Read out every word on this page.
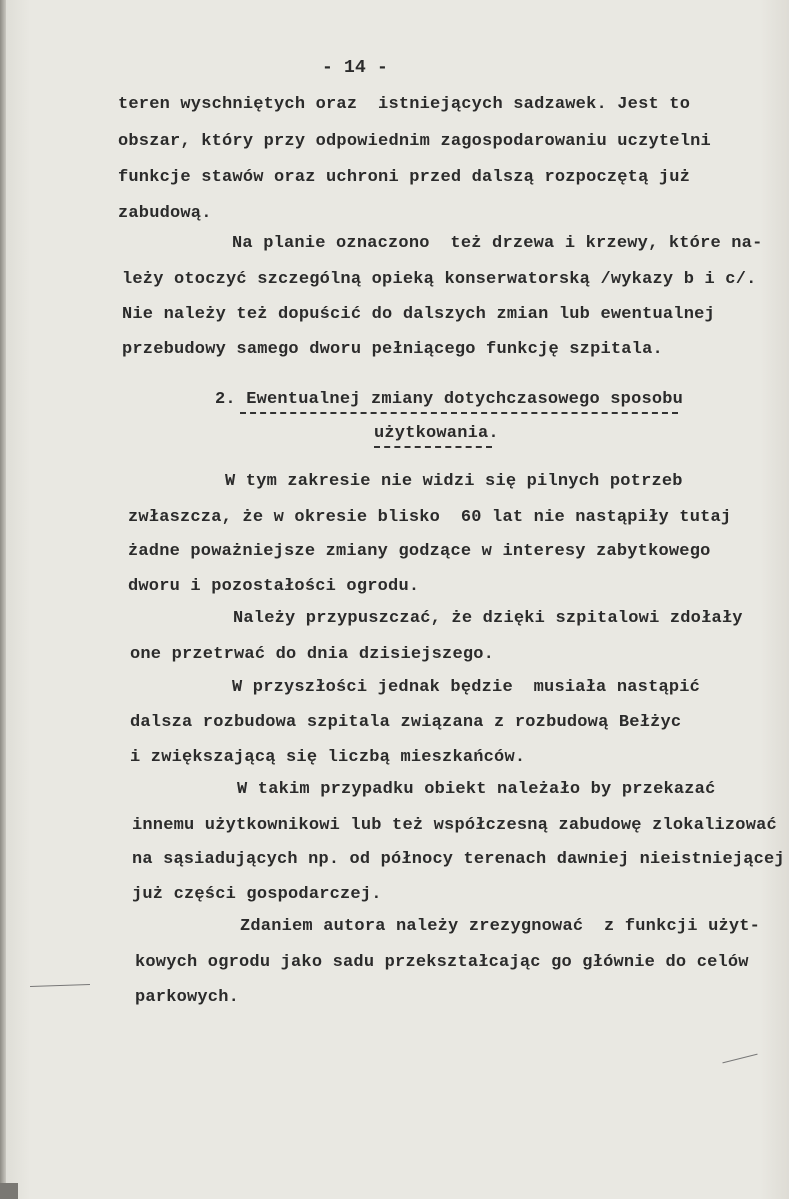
- 14 -
teren wyschniętych oraz  istniejących sadzawek. Jest to
obszar, który przy odpowiednim zagospodarowaniu uczytelni
funkcje stawów oraz uchroni przed dalszą rozpoczętą już
zabudową.
Na planie oznaczono  też drzewa i krzewy, które na-
leży otoczyć szczególną opieką konserwatorską /wykazy b i c/.
Nie należy też dopuścić do dalszych zmian lub ewentualnej
przebudowy samego dworu pełniącego funkcję szpitala.
2. Ewentualnej zmiany dotychczasowego sposobu
użytkowania.
W tym zakresie nie widzi się pilnych potrzeb
zwłaszcza, że w okresie blisko  60 lat nie nastąpiły tutaj
żadne poważniejsze zmiany godzące w interesy zabytkowego
dworu i pozostałości ogrodu.
Należy przypuszczać, że dzięki szpitalowi zdołały
one przetrwać do dnia dzisiejszego.
W przyszłości jednak będzie  musiała nastąpić
dalsza rozbudowa szpitala związana z rozbudową Bełżyc
i zwiększającą się liczbą mieszkańców.
W takim przypadku obiekt należało by przekazać
innemu użytkownikowi lub też współczesną zabudowę zlokalizować
na sąsiadujących np. od północy terenach dawniej nieistniejącej
już części gospodarczej.
Zdaniem autora należy zrezygnować  z funkcji użyt-
kowych ogrodu jako sadu przekształcając go głównie do celów
parkowych.
